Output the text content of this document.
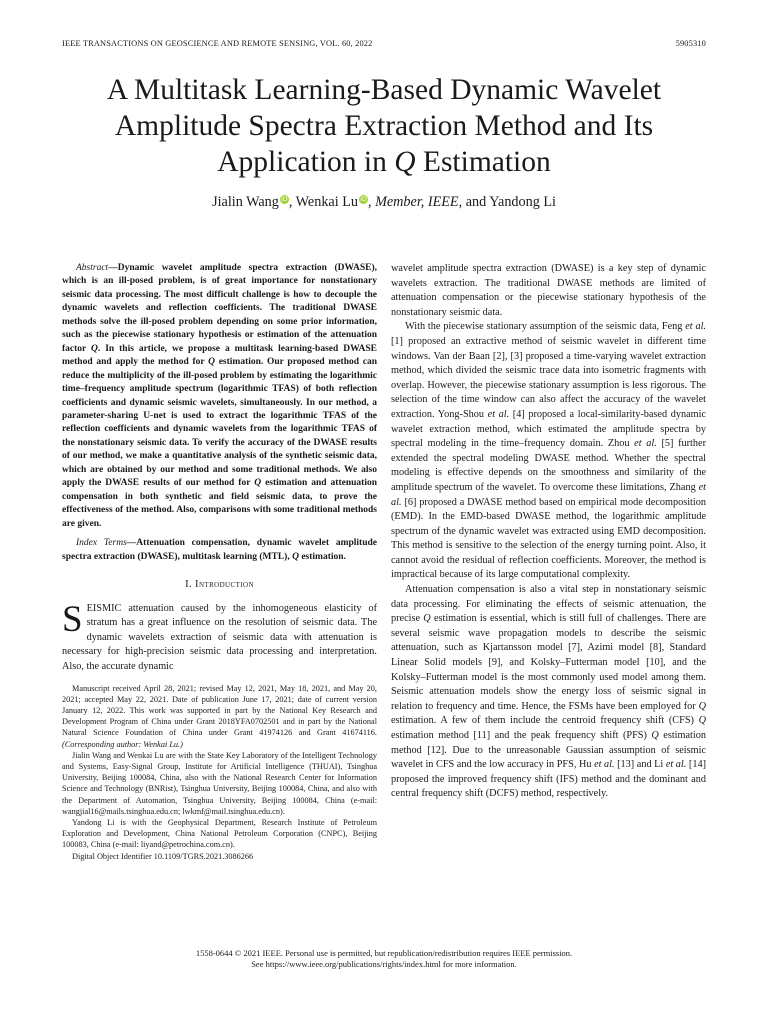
IEEE TRANSACTIONS ON GEOSCIENCE AND REMOTE SENSING, VOL. 60, 2022	5905310
A Multitask Learning-Based Dynamic Wavelet
Amplitude Spectra Extraction Method and Its
Application in Q Estimation
Jialin Wang iD, Wenkai Lu iD, Member, IEEE, and Yandong Li

Abstract—Dynamic wavelet amplitude spectra extraction (DWASE), which is an ill-posed problem, is of great importance for nonstationary seismic data processing. The most difficult challenge is how to decouple the dynamic wavelets and reflection coefficients. The traditional DWASE methods solve the ill-posed problem depending on some prior information, such as the piecewise stationary hypothesis or estimation of the attenuation factor Q. In this article, we propose a multitask learning-based DWASE method and apply the method for Q estimation. Our proposed method can reduce the multiplicity of the ill-posed problem by estimating the logarithmic time–frequency amplitude spectrum (logarithmic TFAS) of both reflection coefficients and dynamic seismic wavelets, simultaneously. In our method, a parameter-sharing U-net is used to extract the logarithmic TFAS of the reflection coefficients and dynamic wavelets from the logarithmic TFAS of the nonstationary seismic data. To verify the accuracy of the DWASE results of our method, we make a quantitative analysis of the synthetic seismic data, which are obtained by our method and some traditional methods. We also apply the DWASE results of our method for Q estimation and attenuation compensation in both synthetic and field seismic data, to prove the effectiveness of the method. Also, comparisons with some traditional methods are given.

Index Terms—Attenuation compensation, dynamic wavelet amplitude spectra extraction (DWASE), multitask learning (MTL), Q estimation.

I. Introduction

SEISMIC attenuation caused by the inhomogeneous elasticity of stratum has a great influence on the resolution of seismic data. The dynamic wavelets extraction of seismic data with attenuation is necessary for high-precision seismic data processing and interpretation. Also, the accurate dynamic

Manuscript received April 28, 2021; revised May 12, 2021, May 18, 2021, and May 20, 2021; accepted May 22, 2021. Date of publication June 17, 2021; date of current version January 12, 2022. This work was supported in part by the National Key Research and Development Program of China under Grant 2018YFA0702501 and in part by the National Natural Science Foundation of China under Grant 41974126 and Grant 41674116. (Corresponding author: Wenkai Lu.)

Jialin Wang and Wenkai Lu are with the State Key Laboratory of the Intelligent Technology and Systems, Easy-Signal Group, Institute for Artificial Intelligence (THUAI), Tsinghua University, Beijing 100084, China, also with the National Research Center for Information Science and Technology (BNRist), Tsinghua University, Beijing 100084, China, and also with the Department of Automation, Tsinghua University, Beijing 100084, China (e-mail: wangjial16@mails.tsinghua.edu.cn; lwkmf@mail.tsinghua.edu.cn).

Yandong Li is with the Geophysical Department, Research Institute of Petroleum Exploration and Development, China National Petroleum Corporation (CNPC), Beijing 100083, China (e-mail: liyand@petrochina.com.cn).

Digital Object Identifier 10.1109/TGRS.2021.3086266

wavelet amplitude spectra extraction (DWASE) is a key step of dynamic wavelets extraction. The traditional DWASE methods are limited of attenuation compensation or the piecewise stationary hypothesis of the nonstationary seismic data.

With the piecewise stationary assumption of the seismic data, Feng et al. [1] proposed an extractive method of seismic wavelet in different time windows. Van der Baan [2], [3] proposed a time-varying wavelet extraction method, which divided the seismic trace data into isometric fragments with overlap. However, the piecewise stationary assumption is less rigorous. The selection of the time window can also affect the accuracy of the wavelet extraction. Yong-Shou et al. [4] proposed a local-similarity-based dynamic wavelet extraction method, which estimated the amplitude spectra by spectral modeling in the time–frequency domain. Zhou et al. [5] further extended the spectral modeling DWASE method. Whether the spectral modeling is effective depends on the smoothness and similarity of the amplitude spectrum of the wavelet. To overcome these limitations, Zhang et al. [6] proposed a DWASE method based on empirical mode decomposition (EMD). In the EMD-based DWASE method, the logarithmic amplitude spectrum of the dynamic wavelet was extracted using EMD decomposition. This method is sensitive to the selection of the energy turning point. Also, it cannot avoid the residual of reflection coefficients. Moreover, the method is impractical because of its large computational complexity.

Attenuation compensation is also a vital step in nonstationary seismic data processing. For eliminating the effects of seismic attenuation, the precise Q estimation is essential, which is still full of challenges. There are several seismic wave propagation models to describe the seismic attenuation, such as Kjartansson model [7], Azimi model [8], Standard Linear Solid models [9], and Kolsky–Futterman model [10], and the Kolsky–Futterman model is the most commonly used model among them. Seismic attenuation models show the energy loss of seismic signal in relation to frequency and time. Hence, the FSMs have been employed for Q estimation. A few of them include the centroid frequency shift (CFS) Q estimation method [11] and the peak frequency shift (PFS) Q estimation method [12]. Due to the unreasonable Gaussian assumption of seismic wavelet in CFS and the low accuracy in PFS, Hu et al. [13] and Li et al. [14] proposed the improved frequency shift (IFS) method and the dominant and central frequency shift (DCFS) method, respectively.

1558-0644 © 2021 IEEE. Personal use is permitted, but republication/redistribution requires IEEE permission.
See https://www.ieee.org/publications/rights/index.html for more information.
